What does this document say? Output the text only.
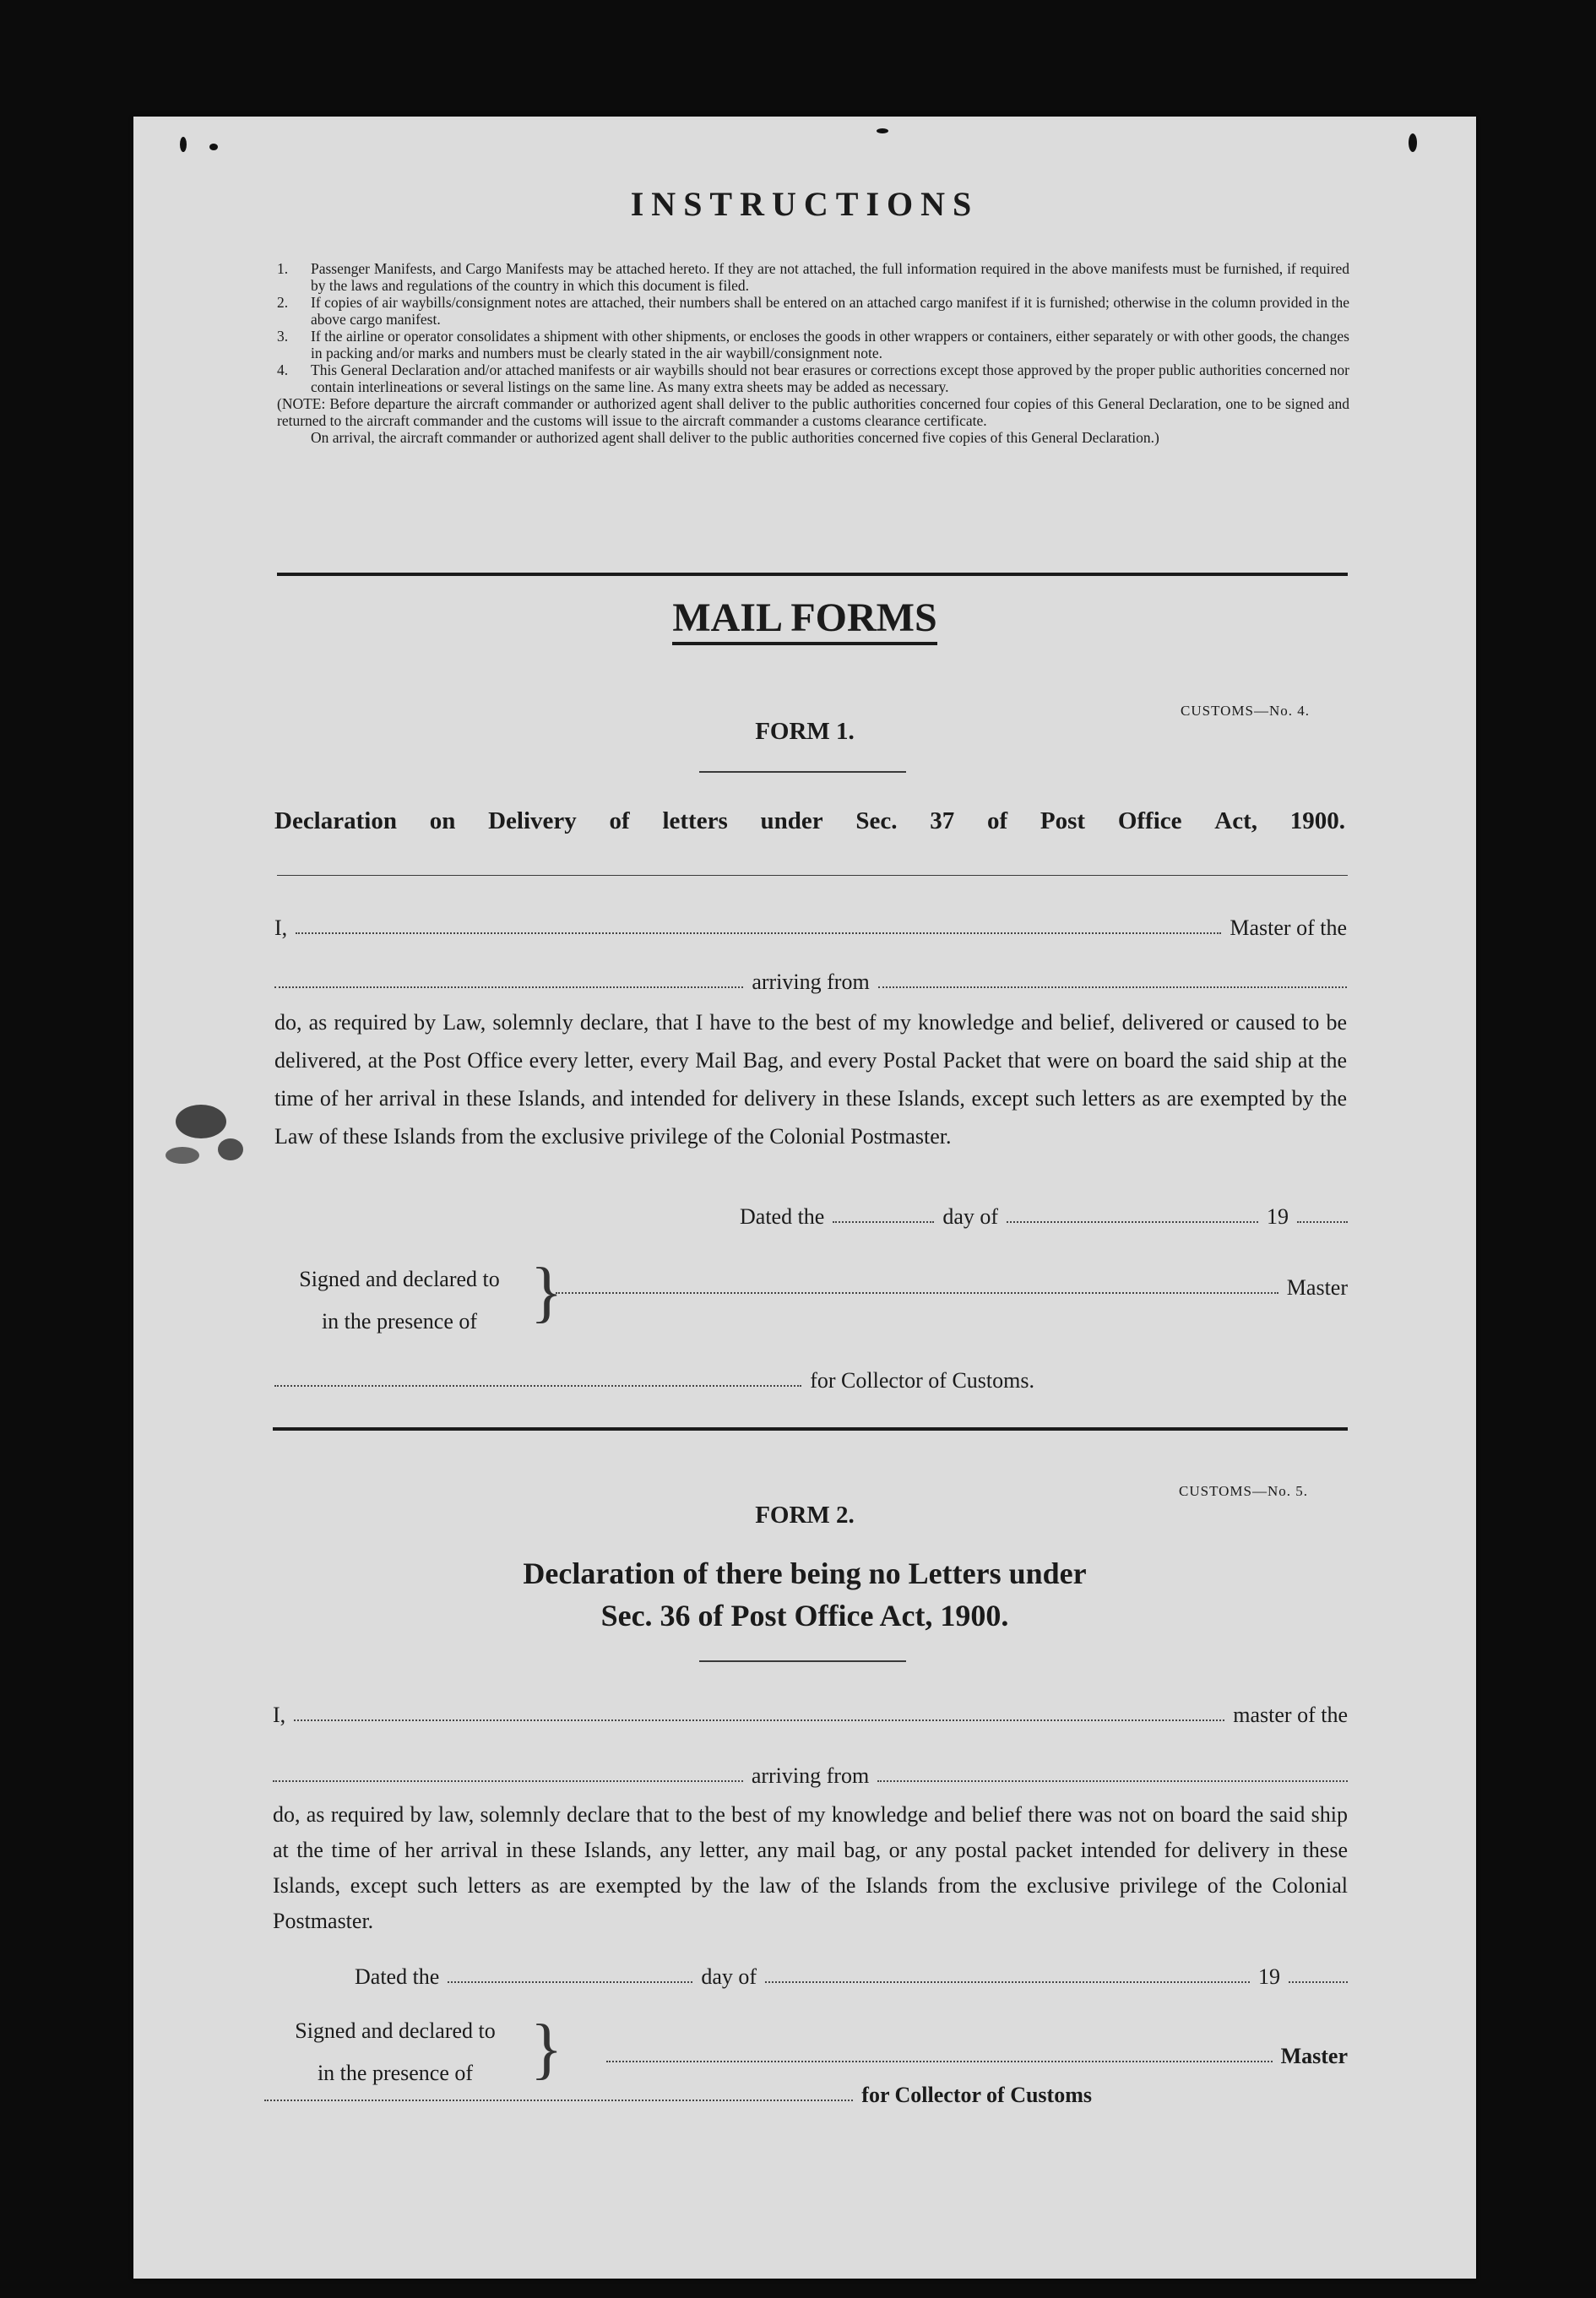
INSTRUCTIONS
1.	Passenger Manifests, and Cargo Manifests may be attached hereto. If they are not attached, the full information required in the above manifests must be furnished, if required by the laws and regulations of the country in which this document is filed.
2.	If copies of air waybills/consignment notes are attached, their numbers shall be entered on an attached cargo manifest if it is furnished; otherwise in the column provided in the above cargo manifest.
3.	If the airline or operator consolidates a shipment with other shipments, or encloses the goods in other wrappers or containers, either separately or with other goods, the changes in packing and/or marks and numbers must be clearly stated in the air waybill/consignment note.
4.	This General Declaration and/or attached manifests or air waybills should not bear erasures or corrections except those approved by the proper public authorities concerned nor contain interlineations or several listings on the same line. As many extra sheets may be added as necessary.
(NOTE: Before departure the aircraft commander or authorized agent shall deliver to the public authorities concerned four copies of this General Declaration, one to be signed and returned to the aircraft commander and the customs will issue to the aircraft commander a customs clearance certificate.
On arrival, the aircraft commander or authorized agent shall deliver to the public authorities concerned five copies of this General Declaration.)
MAIL FORMS
CUSTOMS—No. 4.
FORM 1.
Declaration on Delivery of letters under Sec. 37 of Post Office Act, 1900.
I,	Master of the
arriving from
do, as required by Law, solemnly declare, that I have to the best of my knowledge and belief, delivered or caused to be delivered, at the Post Office every letter, every Mail Bag, and every Postal Packet that were on board the said ship at the time of her arrival in these Islands, and intended for delivery in these Islands, except such letters as are exempted by the Law of these Islands from the exclusive privilege of the Colonial Postmaster.
Dated the	day of	19
Signed and declared to
in the presence of }	Master
for Collector of Customs.
CUSTOMS—No. 5.
FORM 2.
Declaration of there being no Letters under
Sec. 36 of Post Office Act, 1900.
I,	master of the
arriving from
do, as required by law, solemnly declare that to the best of my knowledge and belief there was not on board the said ship at the time of her arrival in these Islands, any letter, any mail bag, or any postal packet intended for delivery in these Islands, except such letters as are exempted by the law of the Islands from the exclusive privilege of the Colonial Postmaster.
Dated the	day of	19
Signed and declared to
in the presence of }	Master
for Collector of Customs
